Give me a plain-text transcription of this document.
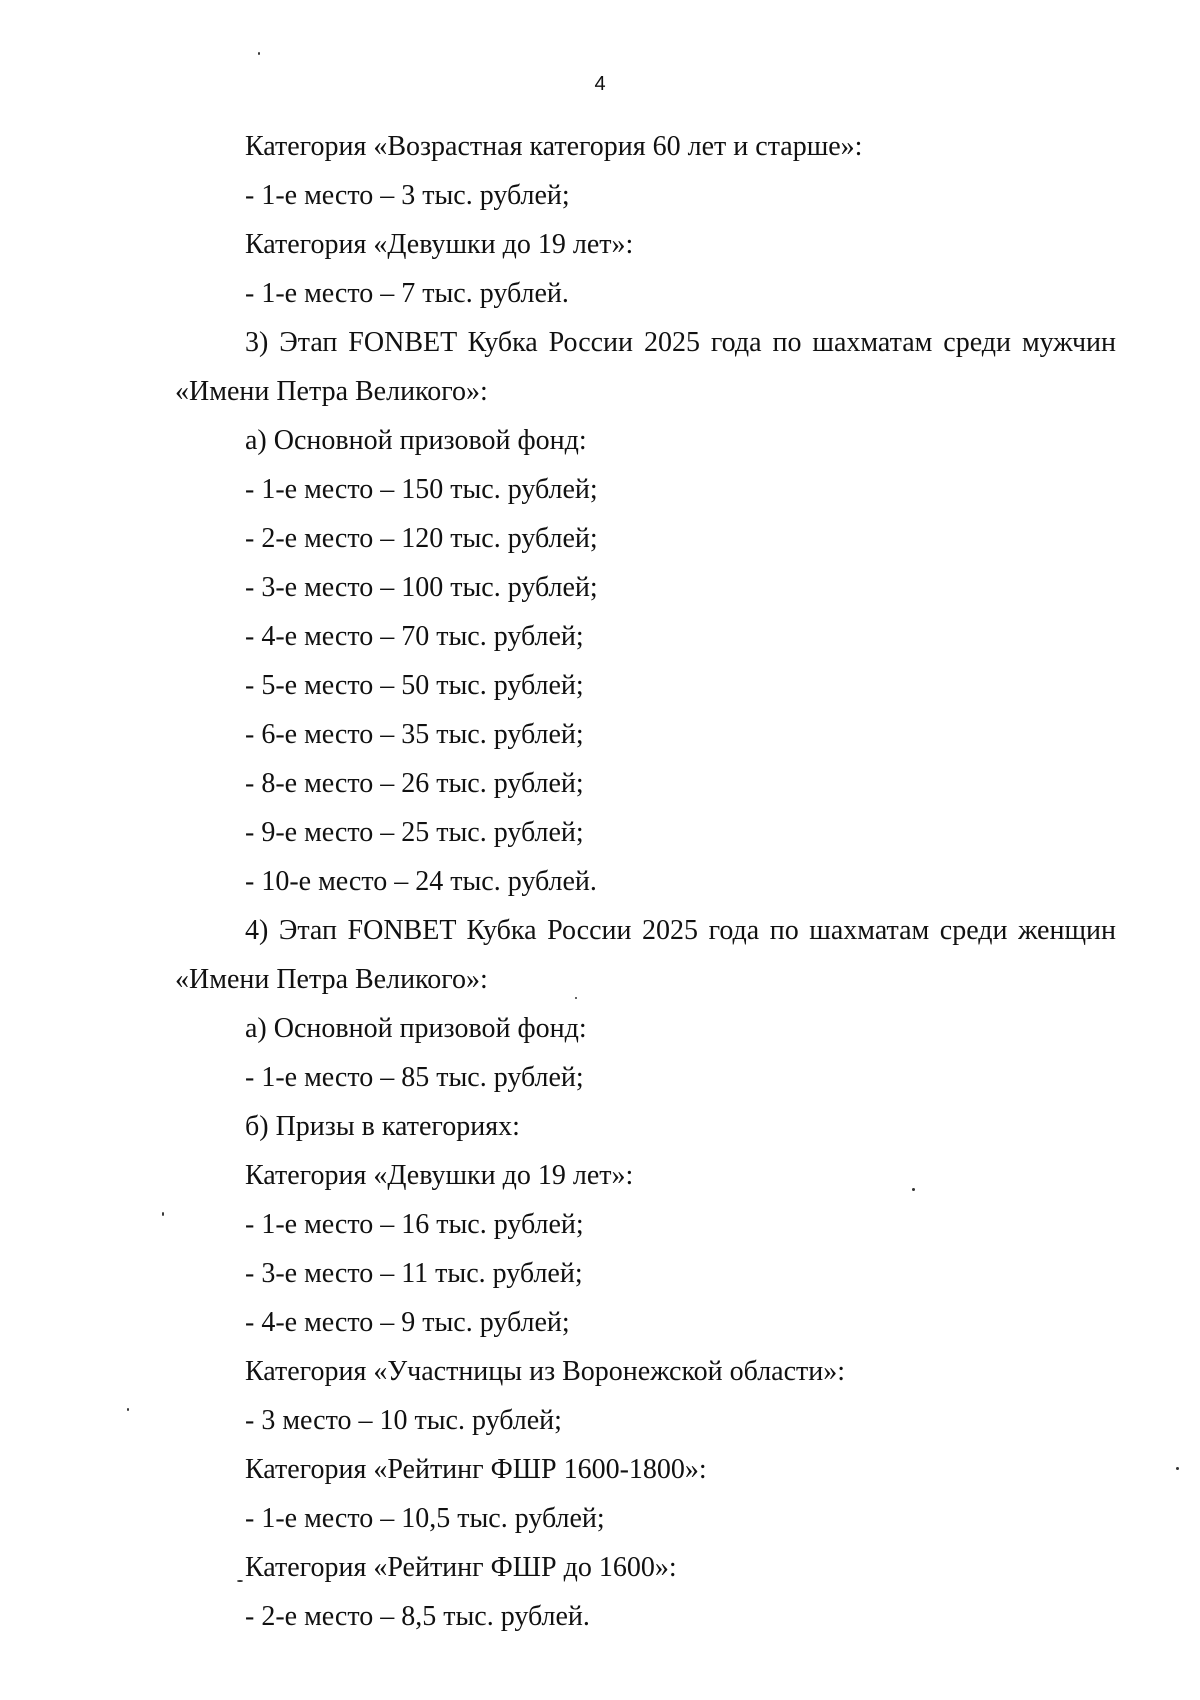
4
Категория «Возрастная категория 60 лет и старше»:
- 1-е место – 3 тыс. рублей;
Категория «Девушки до 19 лет»:
- 1-е место – 7 тыс. рублей.
3) Этап FONBET Кубка России 2025 года по шахматам среди мужчин
«Имени Петра Великого»:
а) Основной призовой фонд:
- 1-е место – 150 тыс. рублей;
- 2-е место – 120 тыс. рублей;
- 3-е место – 100 тыс. рублей;
- 4-е место – 70 тыс. рублей;
- 5-е место – 50 тыс. рублей;
- 6-е место – 35 тыс. рублей;
- 8-е место – 26 тыс. рублей;
- 9-е место – 25 тыс. рублей;
- 10-е место – 24 тыс. рублей.
4) Этап FONBET Кубка России 2025 года по шахматам среди женщин
«Имени Петра Великого»:
а) Основной призовой фонд:
- 1-е место – 85 тыс. рублей;
б) Призы в категориях:
Категория «Девушки до 19 лет»:
- 1-е место – 16 тыс. рублей;
- 3-е место – 11 тыс. рублей;
- 4-е место – 9 тыс. рублей;
Категория «Участницы из Воронежской области»:
- 3 место – 10 тыс. рублей;
Категория «Рейтинг ФШР 1600-1800»:
- 1-е место – 10,5 тыс. рублей;
Категория «Рейтинг ФШР до 1600»:
- 2-е место – 8,5 тыс. рублей.
